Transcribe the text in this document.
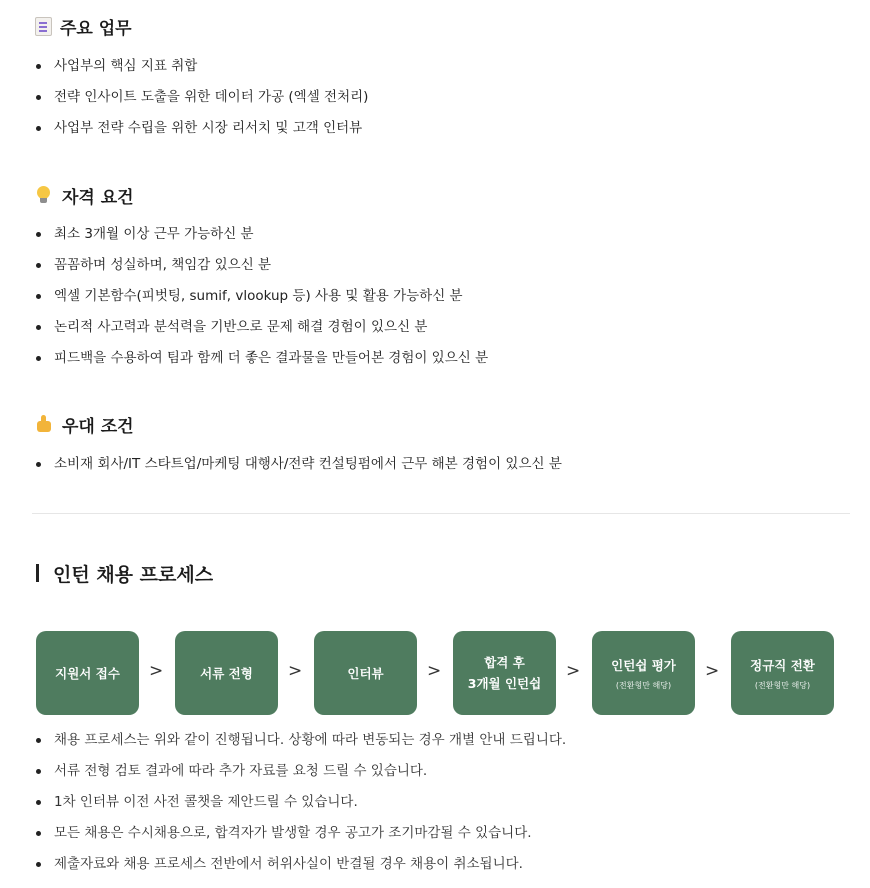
주요 업무
사업부의 핵심 지표 취합
전략 인사이트 도출을 위한 데이터 가공 (엑셀 전처리)
사업부 전략 수립을 위한 시장 리서치 및 고객 인터뷰
자격 요건
최소 3개월 이상 근무 가능하신 분
꼼꼼하며 성실하며, 책임감 있으신 분
엑셀 기본함수(피벗팅, sumif, vlookup 등) 사용 및 활용 가능하신 분
논리적 사고력과 분석력을 기반으로 문제 해결 경험이 있으신 분
피드백을 수용하여 팀과 함께 더 좋은 결과물을 만들어본 경험이 있으신 분
우대 조건
소비재 회사/IT 스타트업/마케팅 대행사/전략 컨설팅펌에서 근무 해본 경험이 있으신 분
인턴 채용 프로세스
지원서 접수 >	서류 전형 >	인터뷰	>	합격 후
3개월 인턴쉽
> 인턴쉽 평가
(전환형만 해당)
> 정규직 전환
(전환형만 해당)
채용 프로세스는 위와 같이 진행됩니다. 상황에 따라 변동되는 경우 개별 안내 드립니다.
서류 전형 검토 결과에 따라 추가 자료를 요청 드릴 수 있습니다.
1차 인터뷰 이전 사전 콜챗을 제안드릴 수 있습니다.
모든 채용은 수시채용으로, 합격자가 발생할 경우 공고가 조기마감될 수 있습니다.
제출자료와 채용 프로세스 전반에서 허위사실이 반결될 경우 채용이 취소됩니다.
